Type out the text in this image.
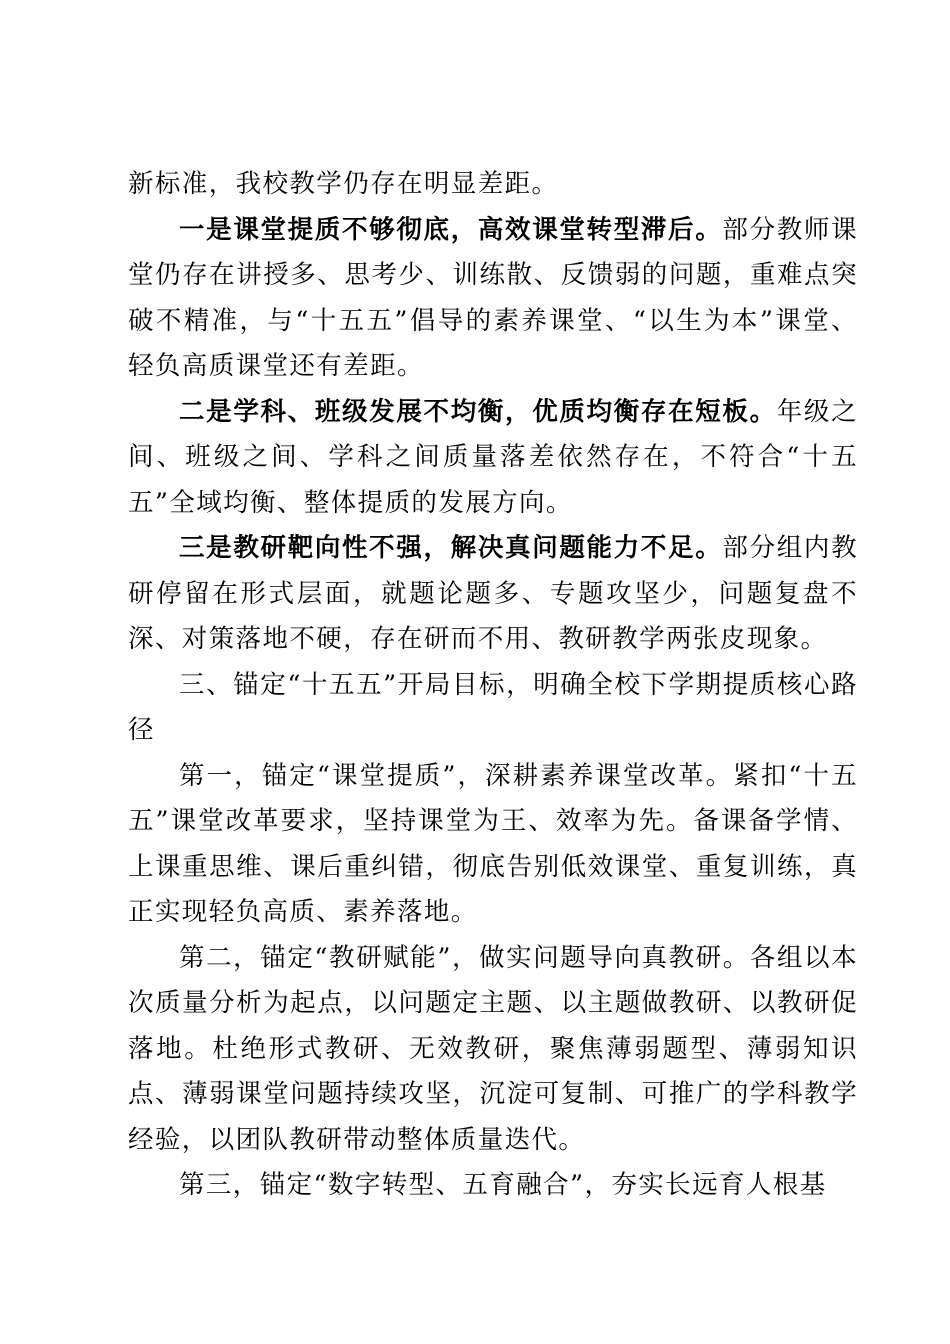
新标准，我校教学仍存在明显差距。

一是课堂提质不够彻底，高效课堂转型滞后。部分教师课堂仍存在讲授多、思考少、训练散、反馈弱的问题，重难点突破不精准，与“十五五”倡导的素养课堂、“以生为本”课堂、轻负高质课堂还有差距。

二是学科、班级发展不均衡，优质均衡存在短板。年级之间、班级之间、学科之间质量落差依然存在，不符合“十五五”全域均衡、整体提质的发展方向。

三是教研靶向性不强，解决真问题能力不足。部分组内教研停留在形式层面，就题论题多、专题攻坚少，问题复盘不深、对策落地不硬，存在研而不用、教研教学两张皮现象。

三、锚定“十五五”开局目标，明确全校下学期提质核心路径

第一，锚定“课堂提质”，深耕素养课堂改革。紧扣“十五五”课堂改革要求，坚持课堂为王、效率为先。备课备学情、上课重思维、课后重纠错，彻底告别低效课堂、重复训练，真正实现轻负高质、素养落地。

第二，锚定“教研赋能”，做实问题导向真教研。各组以本次质量分析为起点，以问题定主题、以主题做教研、以教研促落地。杜绝形式教研、无效教研，聚焦薄弱题型、薄弱知识点、薄弱课堂问题持续攻坚，沉淀可复制、可推广的学科教学经验，以团队教研带动整体质量迭代。

第三，锚定“数字转型、五育融合”，夯实长远育人根基
